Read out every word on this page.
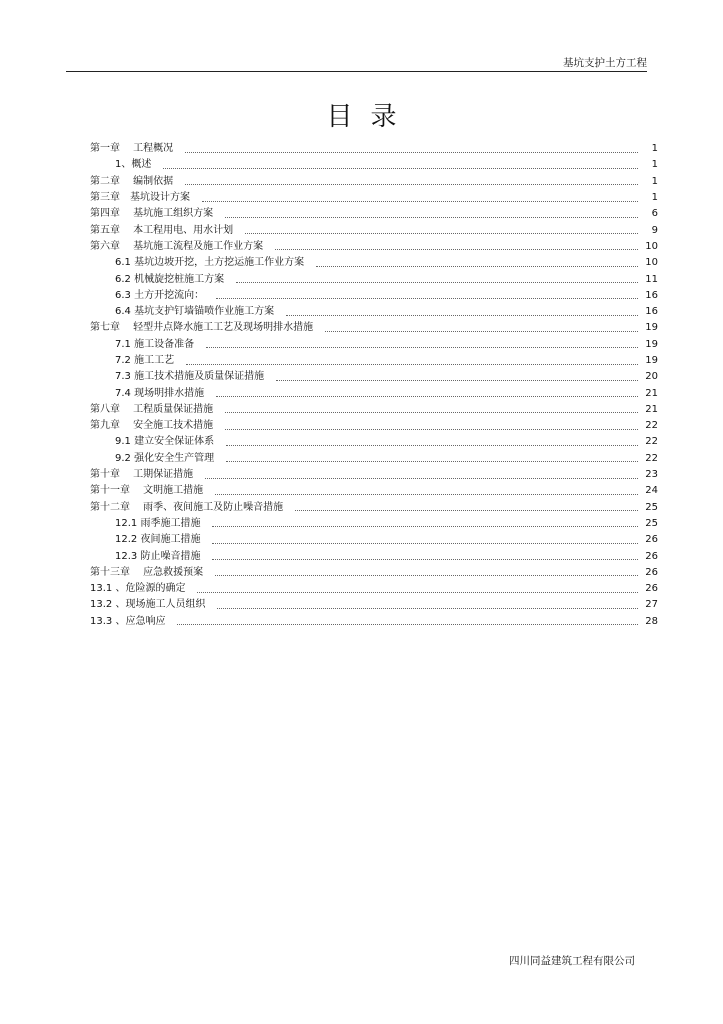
基坑支护土方工程
目录
第一章　 工程概况	1
1、概述	1
第二章　 编制依据	1
第三章　基坑设计方案	1
第四章　 基坑施工组织方案	6
第五章　 本工程用电、用水计划	9
第六章　 基坑施工流程及施工作业方案	10
6.1 基坑边坡开挖，土方挖运施工作业方案	10
6.2 机械旋挖桩施工方案	11
6.3 土方开挖流向：	16
6.4 基坑支护钉墙锚喷作业施工方案	16
第七章　 轻型井点降水施工工艺及现场明排水措施	19
7.1 施工设备准备	19
7.2 施工工艺	19
7.3 施工技术措施及质量保证措施	20
7.4 现场明排水措施	21
第八章　 工程质量保证措施	21
第九章　 安全施工技术措施	22
9.1 建立安全保证体系	22
9.2 强化安全生产管理	22
第十章　 工期保证措施	23
第十一章　 文明施工措施	24
第十二章　 雨季、夜间施工及防止噪音措施	25
12.1 雨季施工措施	25
12.2 夜间施工措施	26
12.3 防止噪音措施	26
第十三章　 应急救援预案	26
13.1 、危险源的确定	26
13.2 、现场施工人员组织	27
13.3 、应急响应	28
四川同益建筑工程有限公司
